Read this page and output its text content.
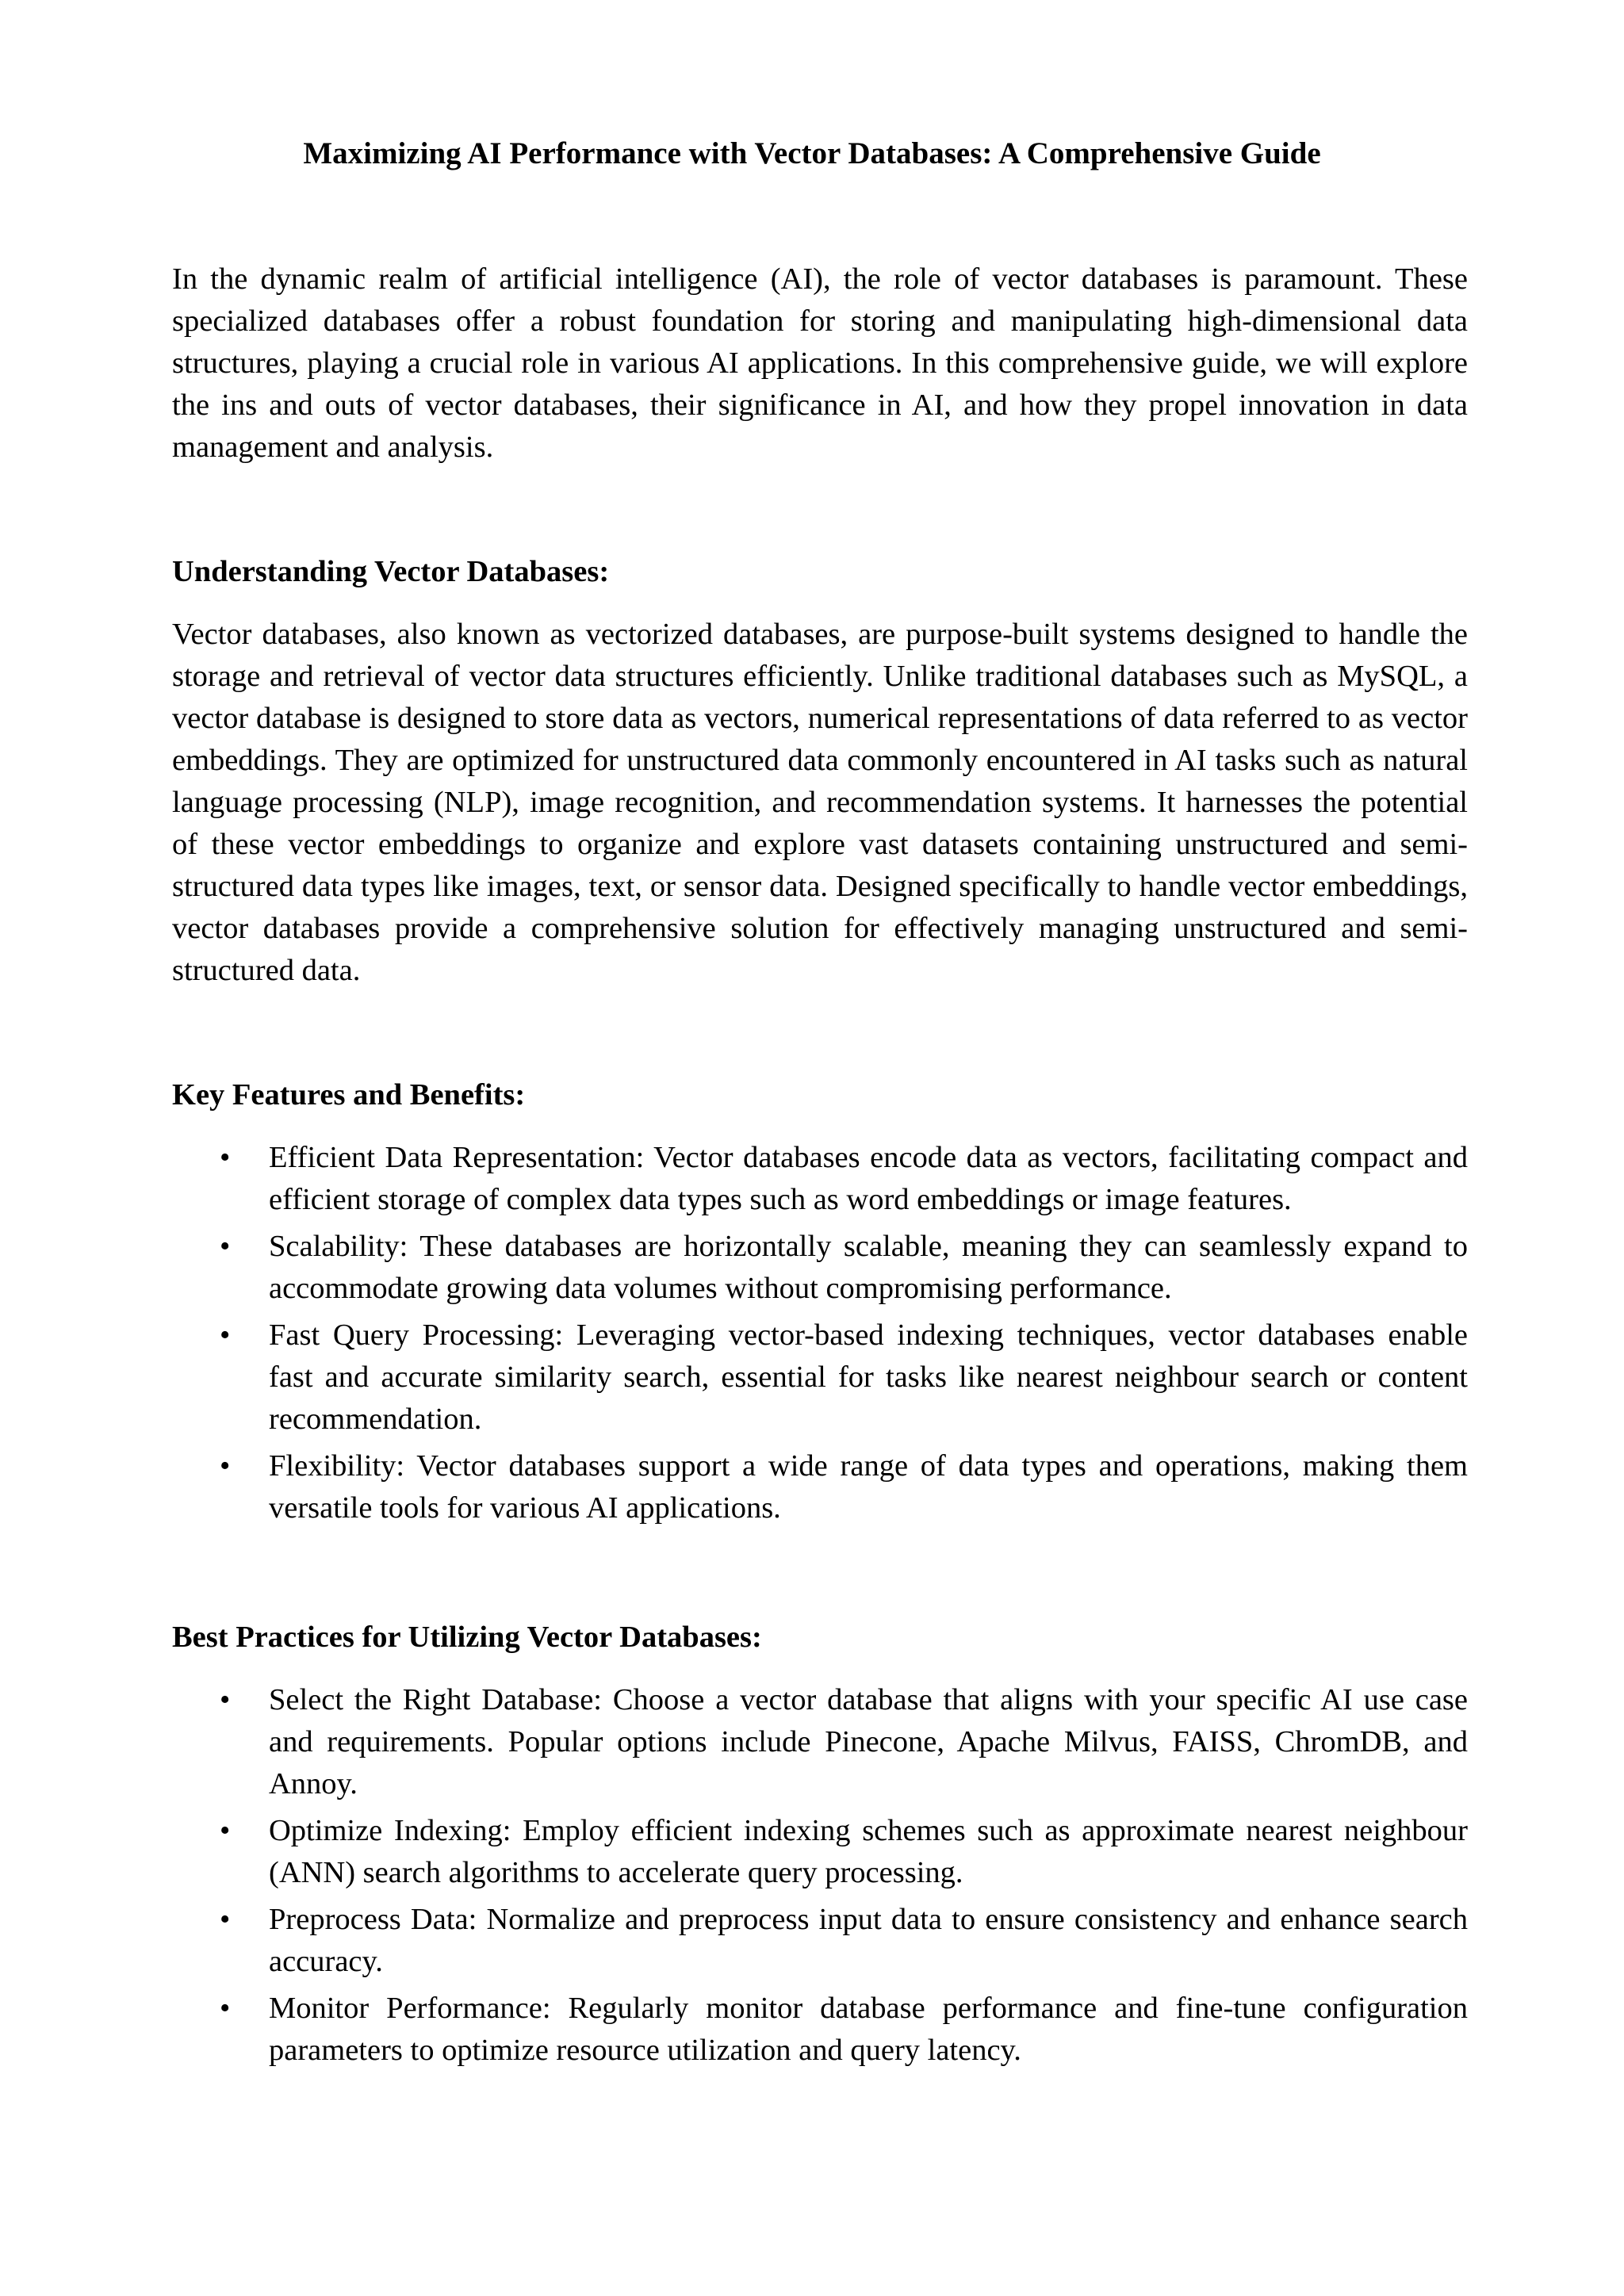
Maximizing AI Performance with Vector Databases: A Comprehensive Guide

In the dynamic realm of artificial intelligence (AI), the role of vector databases is paramount. These specialized databases offer a robust foundation for storing and manipulating high-dimensional data structures, playing a crucial role in various AI applications. In this comprehensive guide, we will explore the ins and outs of vector databases, their significance in AI, and how they propel innovation in data management and analysis.

Understanding Vector Databases:

Vector databases, also known as vectorized databases, are purpose-built systems designed to handle the storage and retrieval of vector data structures efficiently. Unlike traditional databases such as MySQL, a vector database is designed to store data as vectors, numerical representations of data referred to as vector embeddings. They are optimized for unstructured data commonly encountered in AI tasks such as natural language processing (NLP), image recognition, and recommendation systems. It harnesses the potential of these vector embeddings to organize and explore vast datasets containing unstructured and semi-structured data types like images, text, or sensor data. Designed specifically to handle vector embeddings, vector databases provide a comprehensive solution for effectively managing unstructured and semi-structured data.

Key Features and Benefits:
• Efficient Data Representation: Vector databases encode data as vectors, facilitating compact and efficient storage of complex data types such as word embeddings or image features.
• Scalability: These databases are horizontally scalable, meaning they can seamlessly expand to accommodate growing data volumes without compromising performance.
• Fast Query Processing: Leveraging vector-based indexing techniques, vector databases enable fast and accurate similarity search, essential for tasks like nearest neighbour search or content recommendation.
• Flexibility: Vector databases support a wide range of data types and operations, making them versatile tools for various AI applications.
Best Practices for Utilizing Vector Databases:
• Select the Right Database: Choose a vector database that aligns with your specific AI use case and requirements. Popular options include Pinecone, Apache Milvus, FAISS, ChromDB, and Annoy.
• Optimize Indexing: Employ efficient indexing schemes such as approximate nearest neighbour (ANN) search algorithms to accelerate query processing.
• Preprocess Data: Normalize and preprocess input data to ensure consistency and enhance search accuracy.
• Monitor Performance: Regularly monitor database performance and fine-tune configuration parameters to optimize resource utilization and query latency.
